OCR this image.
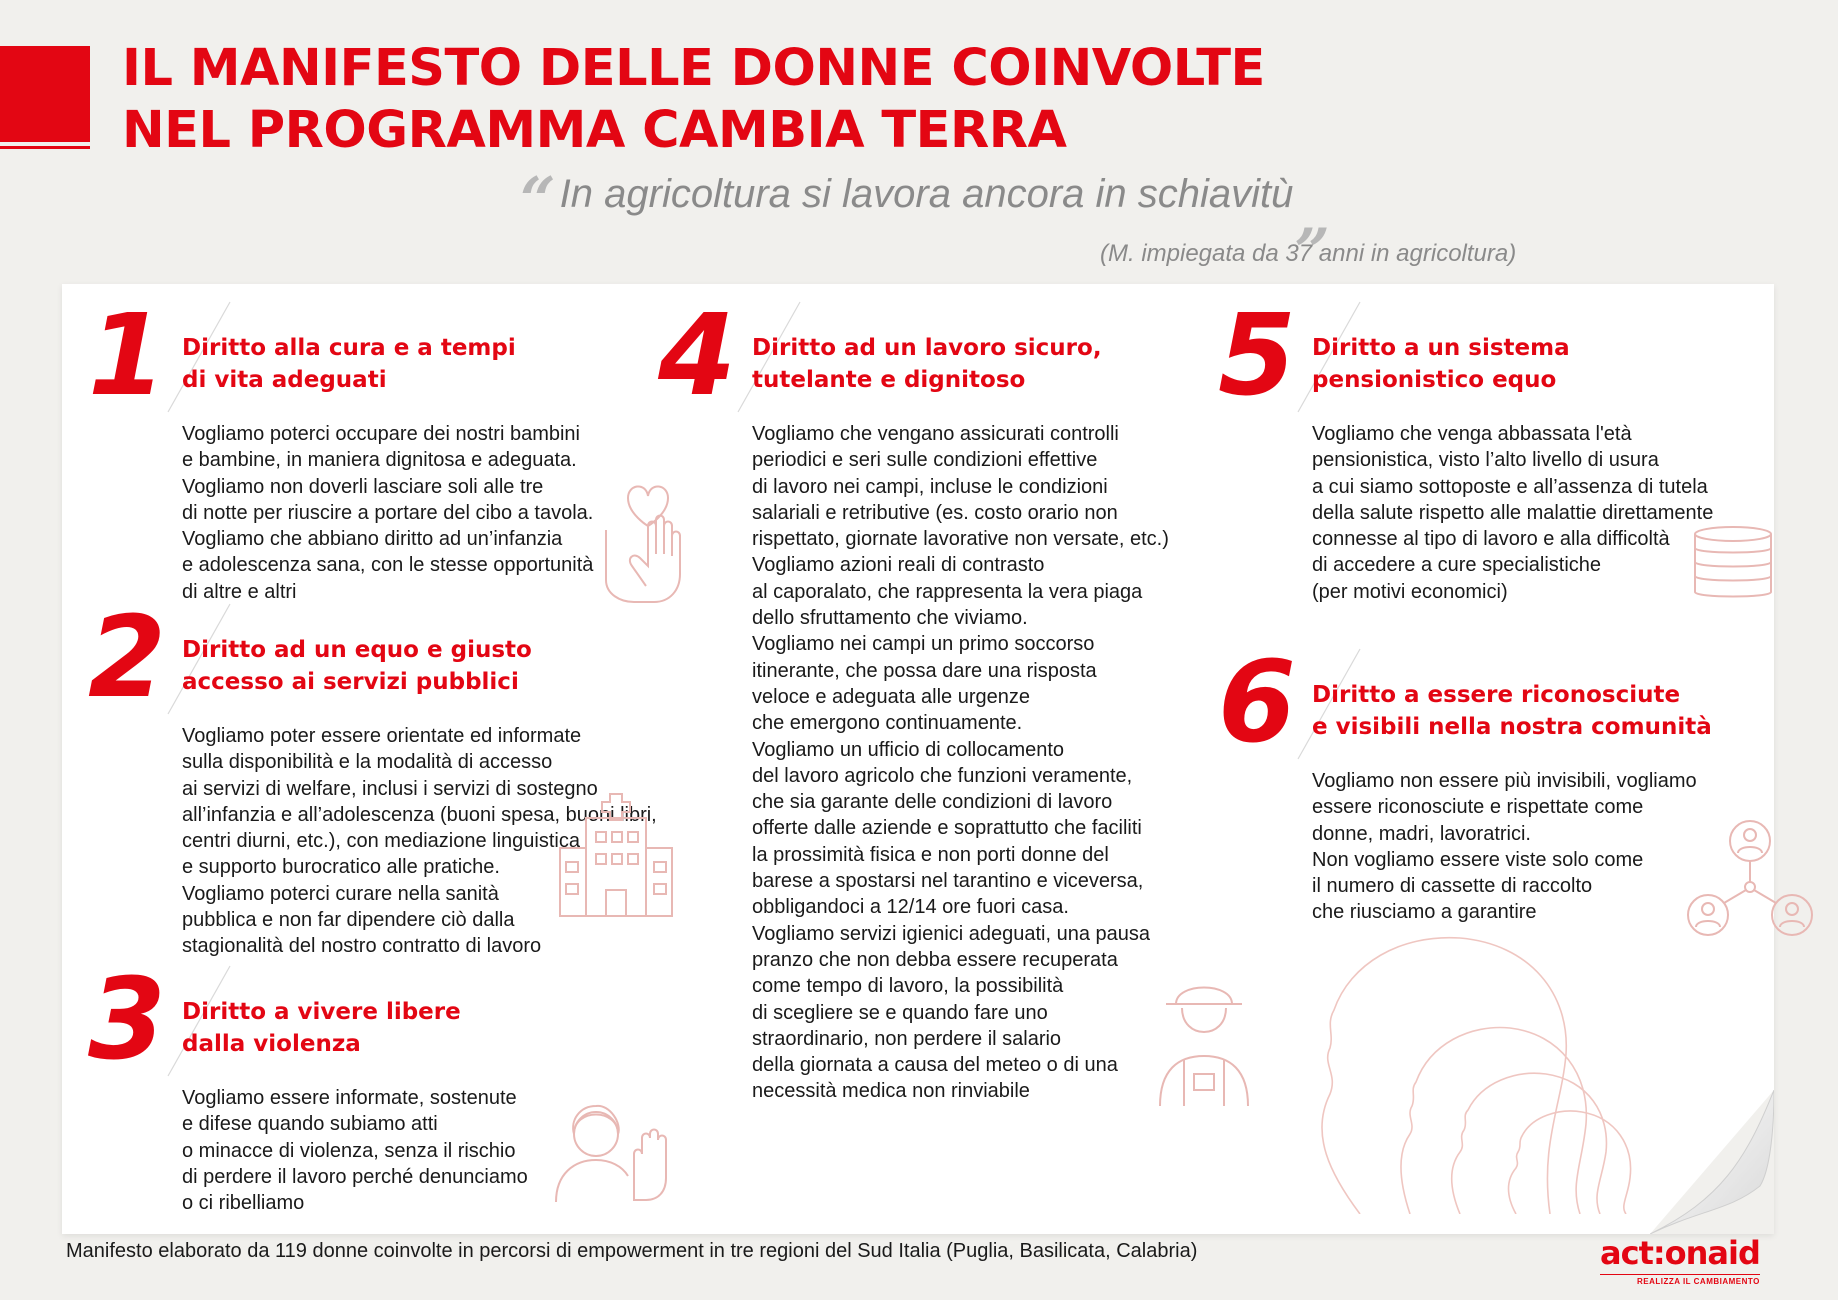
IL MANIFESTO DELLE DONNE COINVOLTE
NEL PROGRAMMA CAMBIA TERRA
“ In agricoltura si lavora ancora in schiavitù„
(M. impiegata da 37 anni in agricoltura)
1 Diritto alla cura e a tempi
di vita adeguati

Vogliamo poterci occupare dei nostri bambini
e bambine, in maniera dignitosa e adeguata.
Vogliamo non doverli lasciare soli alle tre
di notte per riuscire a portare del cibo a tavola.
Vogliamo che abbiano diritto ad un’infanzia
e adolescenza sana, con le stesse opportunità
di altre e altri

2 Diritto ad un equo e giusto
accesso ai servizi pubblici

Vogliamo poter essere orientate ed informate
sulla disponibilità e la modalità di accesso
ai servizi di welfare, inclusi i servizi di sostegno
all’infanzia e all’adolescenza (buoni spesa, buoni libri,
centri diurni, etc.), con mediazione linguistica
e supporto burocratico alle pratiche.
Vogliamo poterci curare nella sanità
pubblica e non far dipendere ciò dalla
stagionalità del nostro contratto di lavoro

3 Diritto a vivere libere
dalla violenza

Vogliamo essere informate, sostenute
e difese quando subiamo atti
o minacce di violenza, senza il rischio
di perdere il lavoro perché denunciamo
o ci ribelliamo

4 Diritto ad un lavoro sicuro,
tutelante e dignitoso

Vogliamo che vengano assicurati controlli
periodici e seri sulle condizioni effettive
di lavoro nei campi, incluse le condizioni
salariali e retributive (es. costo orario non
rispettato, giornate lavorative non versate, etc.)
Vogliamo azioni reali di contrasto
al caporalato, che rappresenta la vera piaga
dello sfruttamento che viviamo.
Vogliamo nei campi un primo soccorso
itinerante, che possa dare una risposta
veloce e adeguata alle urgenze
che emergono continuamente.
Vogliamo un ufficio di collocamento
del lavoro agricolo che funzioni veramente,
che sia garante delle condizioni di lavoro
offerte dalle aziende e soprattutto che faciliti
la prossimità fisica e non porti donne del
barese a spostarsi nel tarantino e viceversa,
obbligandoci a 12/14 ore fuori casa.
Vogliamo servizi igienici adeguati, una pausa
pranzo che non debba essere recuperata
come tempo di lavoro, la possibilità
di scegliere se e quando fare uno
straordinario, non perdere il salario
della giornata a causa del meteo o di una
necessità medica non rinviabile

5 Diritto a un sistema
pensionistico equo

Vogliamo che venga abbassata l'età
pensionistica, visto l’alto livello di usura
a cui siamo sottoposte e all’assenza di tutela
della salute rispetto alle malattie direttamente
connesse al tipo di lavoro e alla difficoltà
di accedere a cure specialistiche
(per motivi economici)

6 Diritto a essere riconosciute
e visibili nella nostra comunità

Vogliamo non essere più invisibili, vogliamo
essere riconosciute e rispettate come
donne, madri, lavoratrici.
Non vogliamo essere viste solo come
il numero di cassette di raccolto
che riusciamo a garantire

Manifesto elaborato da 119 donne coinvolte in percorsi di empowerment in tre regioni del Sud Italia (Puglia, Basilicata, Calabria)	act:onaid
REALIZZA IL CAMBIAMENTO
